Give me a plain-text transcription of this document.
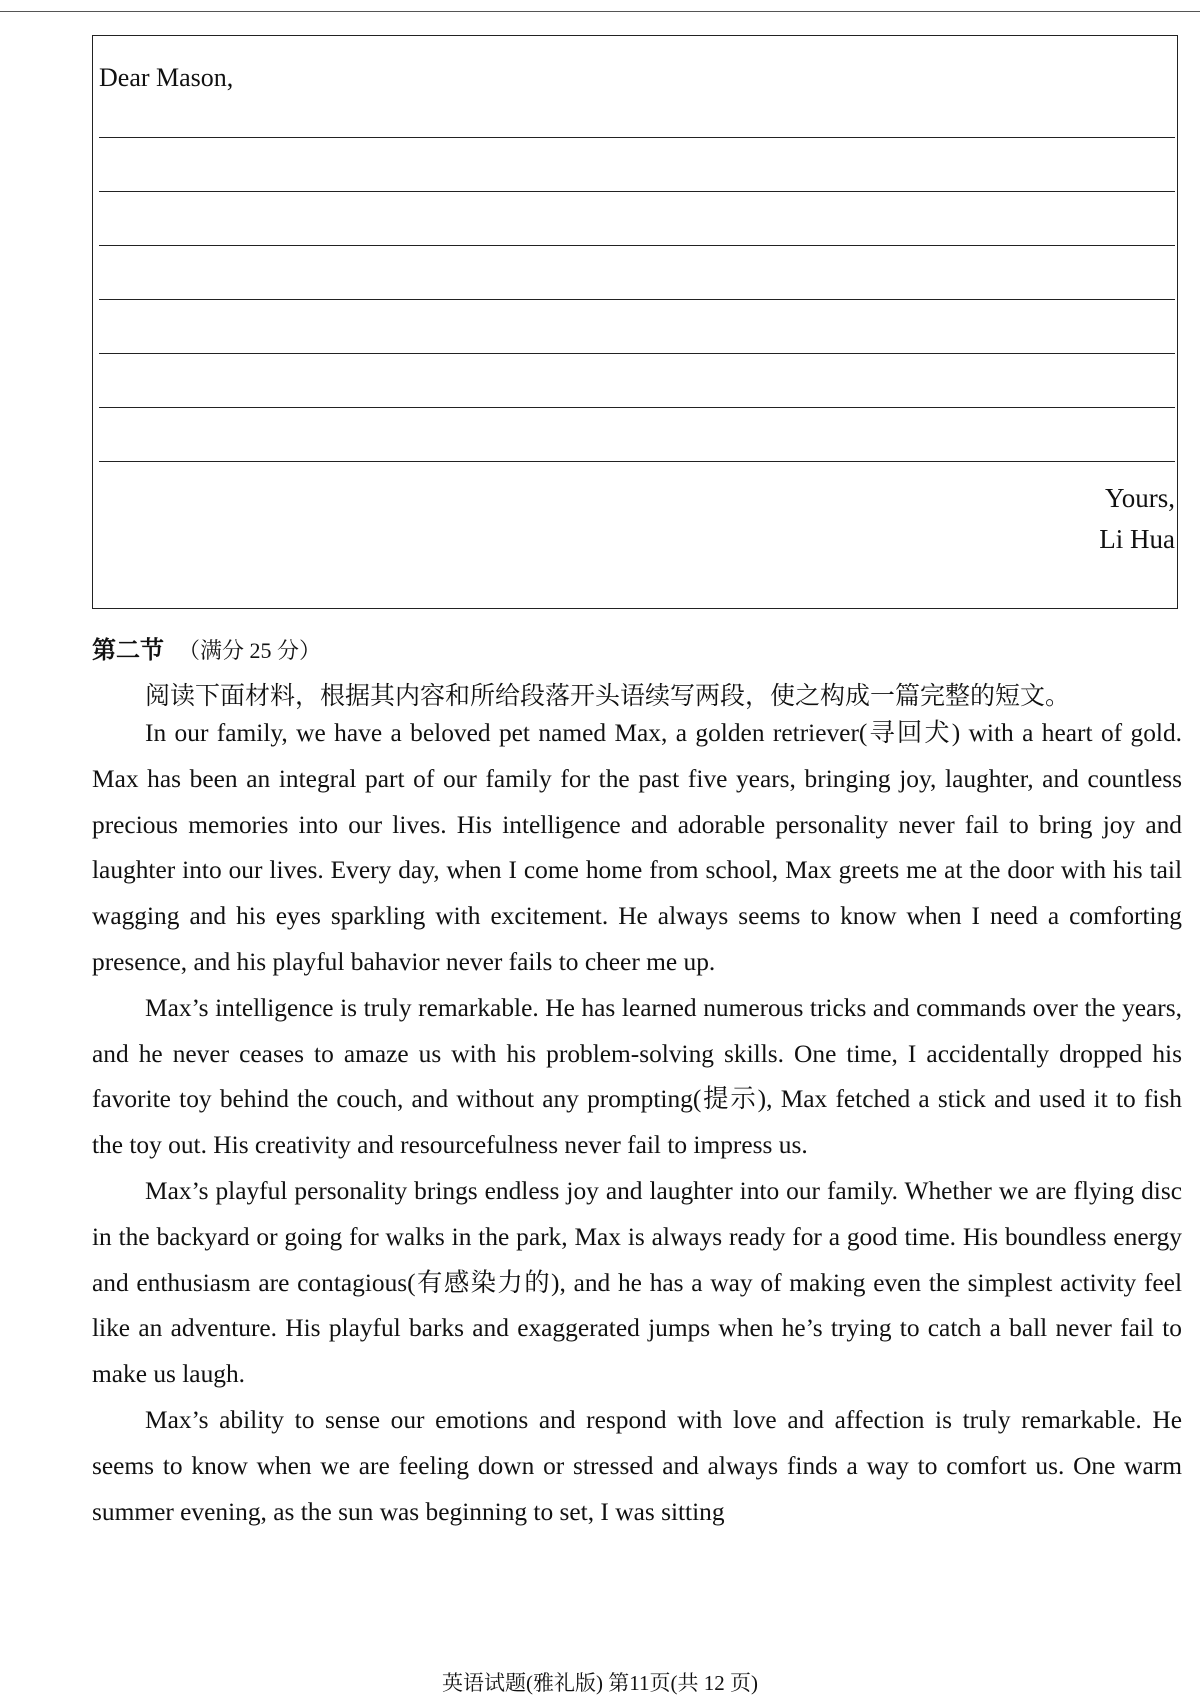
Dear Mason,
Yours,
Li Hua
第二节 （满分 25 分）
阅读下面材料，根据其内容和所给段落开头语续写两段，使之构成一篇完整的短文。

In our family, we have a beloved pet named Max, a golden retriever(寻回犬) with a heart of gold. Max has been an integral part of our family for the past five years, bringing joy, laughter, and countless precious memories into our lives. His intelligence and adorable personality never fail to bring joy and laughter into our lives. Every day, when I come home from school, Max greets me at the door with his tail wagging and his eyes sparkling with excitement. He always seems to know when I need a comforting presence, and his playful bahavior never fails to cheer me up.

Max’s intelligence is truly remarkable. He has learned numerous tricks and commands over the years, and he never ceases to amaze us with his problem-solving skills. One time, I accidentally dropped his favorite toy behind the couch, and without any prompting(提示), Max fetched a stick and used it to fish the toy out. His creativity and resourcefulness never fail to impress us.

Max’s playful personality brings endless joy and laughter into our family. Whether we are flying disc in the backyard or going for walks in the park, Max is always ready for a good time. His boundless energy and enthusiasm are contagious(有感染力的), and he has a way of making even the simplest activity feel like an adventure. His playful barks and exaggerated jumps when he’s trying to catch a ball never fail to make us laugh.

Max’s ability to sense our emotions and respond with love and affection is truly remarkable. He seems to know when we are feeling down or stressed and always finds a way to comfort us. One warm summer evening, as the sun was beginning to set, I was sitting

英语试题(雅礼版) 第11页(共 12 页)
